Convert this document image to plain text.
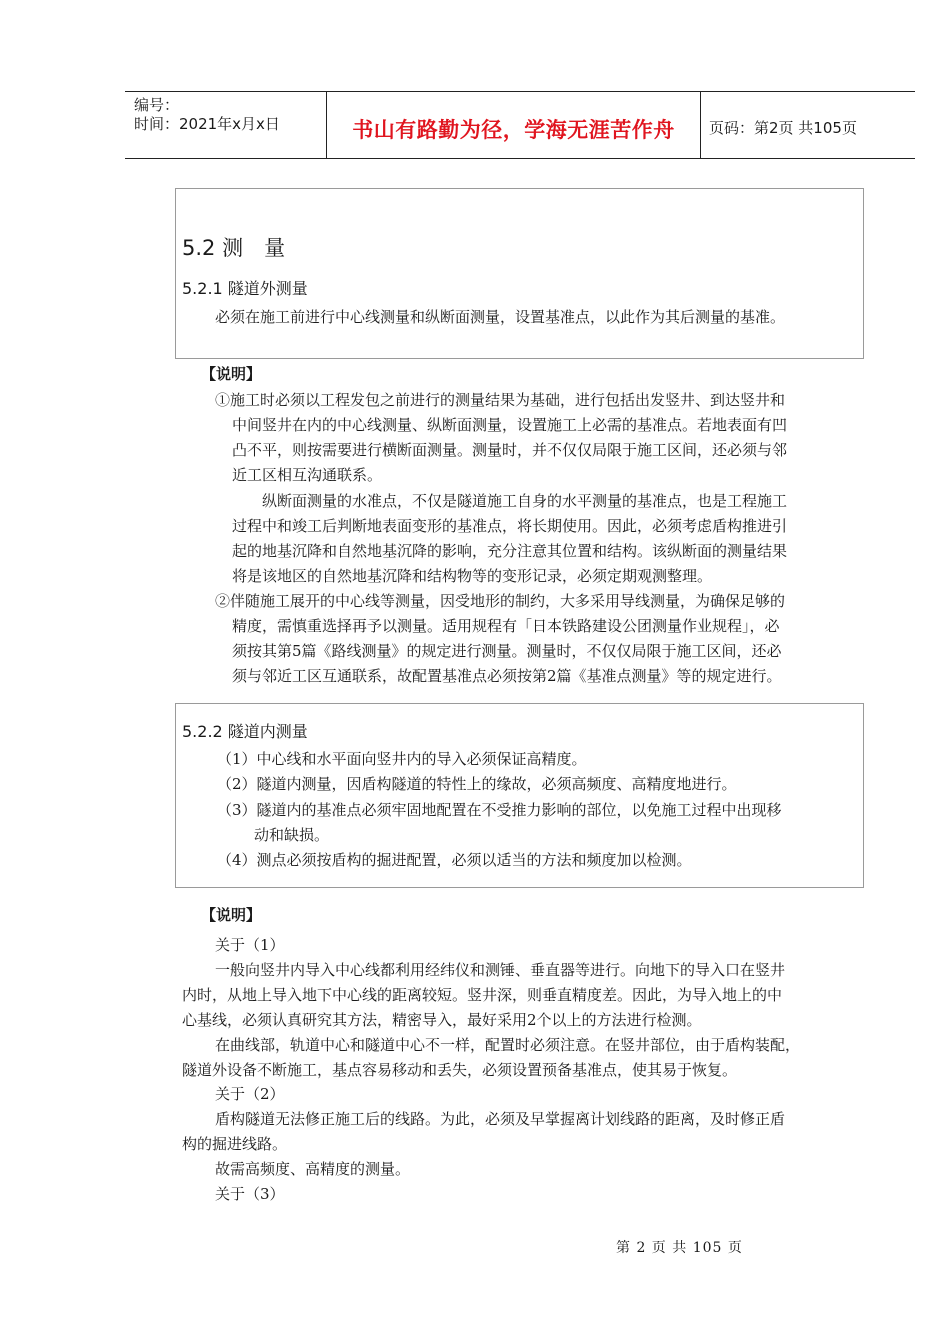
编号：
时间：2021年x月x日	书山有路勤为径，学海无涯苦作舟	页码：第2页 共105页
5.2 测　量
5.2.1 隧道外测量
必须在施工前进行中心线测量和纵断面测量，设置基准点，以此作为其后测量的基准。
【说明】
①施工时必须以工程发包之前进行的测量结果为基础，进行包括出发竖井、到达竖井和
中间竖井在内的中心线测量、纵断面测量，设置施工上必需的基准点。若地表面有凹
凸不平，则按需要进行横断面测量。测量时，并不仅仅局限于施工区间，还必须与邻
近工区相互沟通联系。
纵断面测量的水准点，不仅是隧道施工自身的水平测量的基准点，也是工程施工
过程中和竣工后判断地表面变形的基准点，将长期使用。因此，必须考虑盾构推进引
起的地基沉降和自然地基沉降的影响，充分注意其位置和结构。该纵断面的测量结果
将是该地区的自然地基沉降和结构物等的变形记录，必须定期观测整理。
②伴随施工展开的中心线等测量，因受地形的制约，大多采用导线测量，为确保足够的
精度，需慎重选择再予以测量。适用规程有「日本铁路建设公团测量作业规程」，必
须按其第5篇《路线测量》的规定进行测量。测量时，不仅仅局限于施工区间，还必
须与邻近工区互通联系，故配置基准点必须按第2篇《基准点测量》等的规定进行。
5.2.2 隧道内测量
（1）中心线和水平面向竖井内的导入必须保证高精度。
（2）隧道内测量，因盾构隧道的特性上的缘故，必须高频度、高精度地进行。
（3）隧道内的基准点必须牢固地配置在不受推力影响的部位，以免施工过程中出现移
动和缺损。
（4）测点必须按盾构的掘进配置，必须以适当的方法和频度加以检测。
【说明】
关于（1）
一般向竖井内导入中心线都利用经纬仪和测锤、垂直器等进行。向地下的导入口在竖井
内时，从地上导入地下中心线的距离较短。竖井深，则垂直精度差。因此，为导入地上的中
心基线，必须认真研究其方法，精密导入，最好采用2个以上的方法进行检测。
在曲线部，轨道中心和隧道中心不一样，配置时必须注意。在竖井部位，由于盾构装配，
隧道外设备不断施工，基点容易移动和丢失，必须设置预备基准点，使其易于恢复。
关于（2）
盾构隧道无法修正施工后的线路。为此，必须及早掌握离计划线路的距离，及时修正盾
构的掘进线路。
故需高频度、高精度的测量。
关于（3）
第 2 页 共 105 页
